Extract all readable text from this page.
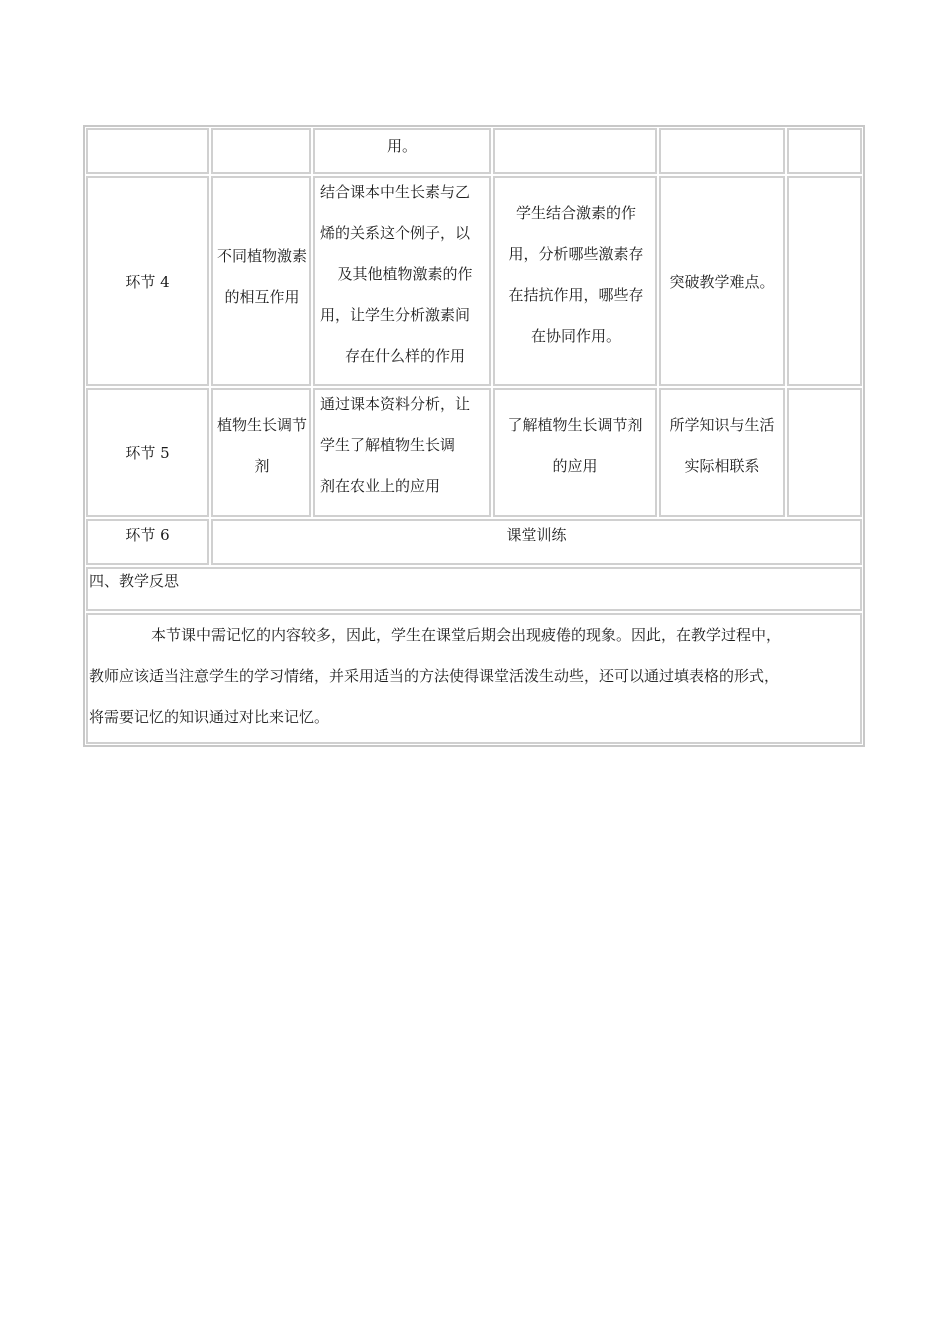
用。
环节 4
不同植物激素
的相互作用
结合课本中生长素与乙
烯的关系这个例子，以
及其他植物激素的作
用，让学生分析激素间
存在什么样的作用
学生结合激素的作
用，分析哪些激素存
在拮抗作用，哪些存
在协同作用。
突破教学难点。
环节 5
植物生长调节
剂
通过课本资料分析，让
学生了解植物生长调
剂在农业上的应用
了解植物生长调节剂
的应用
所学知识与生活
实际相联系
环节 6	课堂训练
四、教学反思
本节课中需记忆的内容较多，因此，学生在课堂后期会出现疲倦的现象。因此，在教学过程中，
教师应该适当注意学生的学习情绪，并采用适当的方法使得课堂活泼生动些，还可以通过填表格的形式，
将需要记忆的知识通过对比来记忆。
